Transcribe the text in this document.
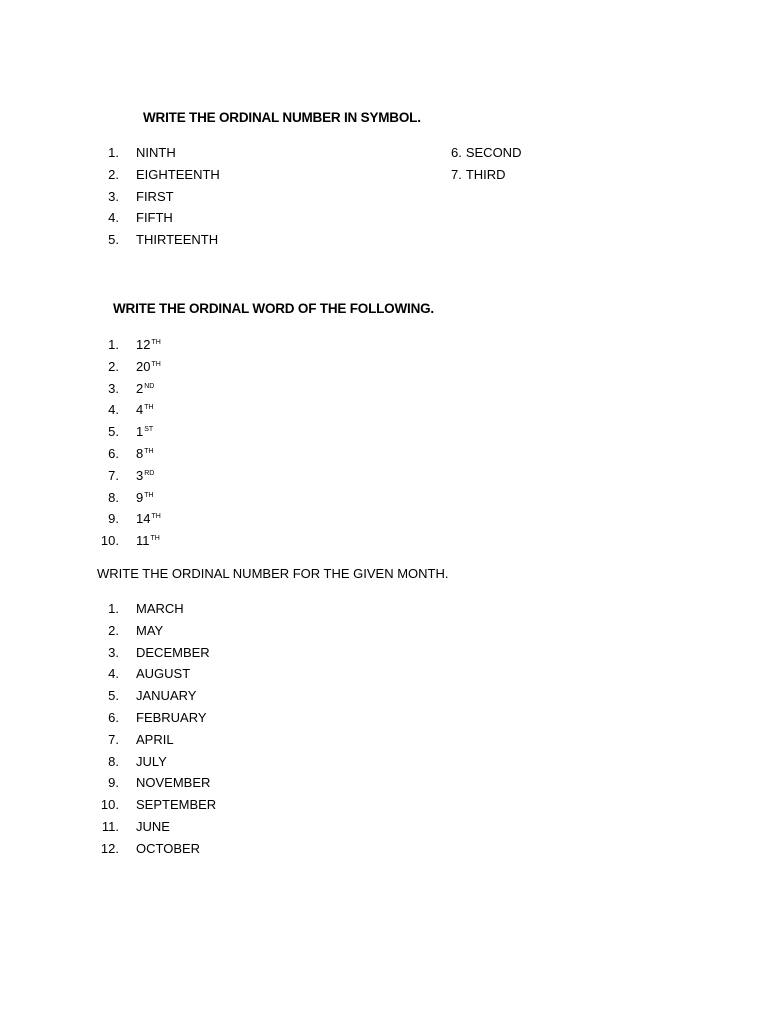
WRITE THE ORDINAL NUMBER IN SYMBOL.
1. NINTH
2. EIGHTEENTH
3. FIRST
4. FIFTH
5. THIRTEENTH
6. SECOND
7. THIRD
WRITE THE ORDINAL WORD OF THE FOLLOWING.
1. 12TH
2. 20TH
3. 2ND
4. 4TH
5. 1ST
6. 8TH
7. 3RD
8. 9TH
9. 14TH
10. 11TH
WRITE THE ORDINAL NUMBER FOR THE GIVEN MONTH.
1. MARCH
2. MAY
3. DECEMBER
4. AUGUST
5. JANUARY
6. FEBRUARY
7. APRIL
8. JULY
9. NOVEMBER
10. SEPTEMBER
11. JUNE
12. OCTOBER
